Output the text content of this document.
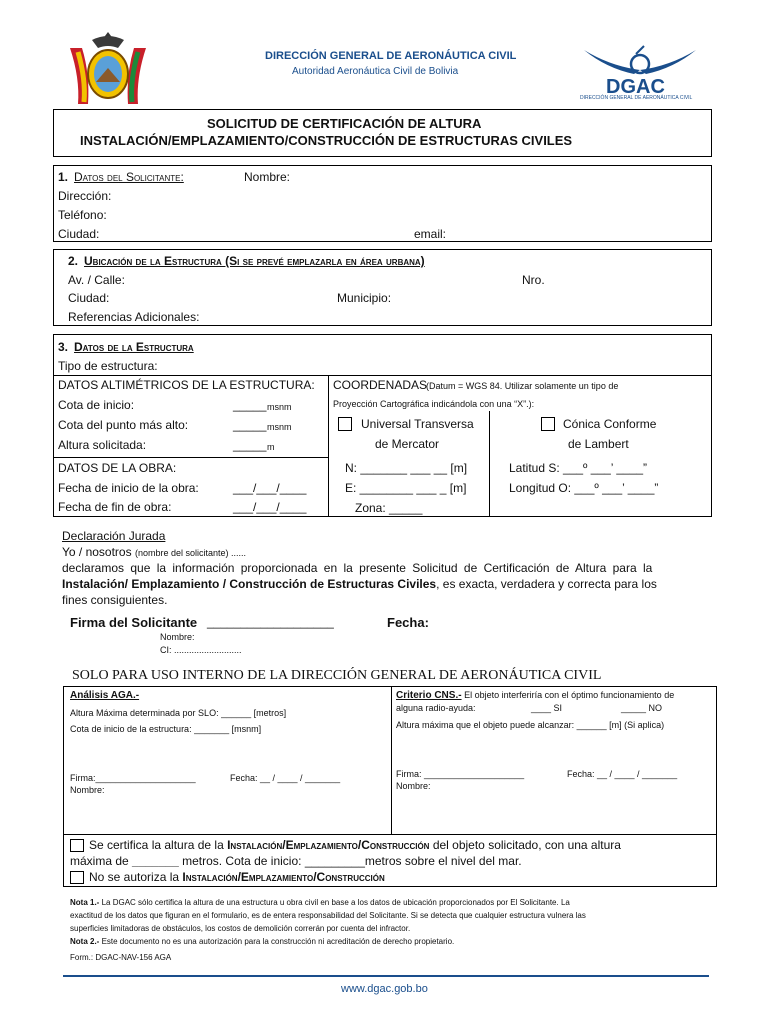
DIRECCIÓN GENERAL DE AERONÁUTICA CIVIL
Autoridad Aeronáutica Civil de Bolivia
DGAC
DIRECCIÓN GENERAL DE AERONÁUTICA CIVIL
SOLICITUD DE CERTIFICACIÓN DE ALTURA
INSTALACIÓN/EMPLAZAMIENTO/CONSTRUCCIÓN DE ESTRUCTURAS CIVILES
1. Datos del Solicitante:	Nombre:
Dirección:
Teléfono:
Ciudad:	email:
2. Ubicación de la Estructura (Si se prevé emplazarla en área urbana)
Av. / Calle:	Nro.
Ciudad:	Municipio:
Referencias Adicionales:
3. Datos de la Estructura
Tipo de estructura:
DATOS ALTIMÉTRICOS DE LA ESTRUCTURA:
Cota de inicio:	_____ msnm
Cota del punto más alto:	_____ msnm
Altura solicitada:	_____ m
DATOS DE LA OBRA:
Fecha de inicio de la obra:	___/___/____
Fecha de fin de obra:	___/___/____
COORDENADAS
(Datum = WGS 84. Utilizar solamente un tipo de
Proyección Cartográfica indicándola con una “X”.):
Universal Transversa
de Mercator
Cónica Conforme
de Lambert
N: _______ ___ __ [m]
E: ________ ___ _ [m]
Zona: _____
Latitud S: ___º ___’ ____”
Longitud O: ___º ___’ ____”
Declaración Jurada
Yo / nosotros (nombre del solicitante) ......
declaramos que la información proporcionada en la presente Solicitud de Certificación de Altura para la
Instalación/ Emplazamiento / Construcción de Estructuras Civiles, es exacta, verdadera y correcta para los
fines consiguientes.
Firma del Solicitante ___________________	Fecha:
Nombre:
CI: ...........................
SOLO PARA USO INTERNO DE LA DIRECCIÓN GENERAL DE AERONÁUTICA CIVIL
Análisis AGA.-
Altura Máxima determinada por SLO: ______ [metros]
Cota de inicio de la estructura: _______ [msnm]
Firma:____________________	Fecha: __ / ____ / _______
Nombre:
Criterio CNS.- El objeto interferiría con el óptimo funcionamiento de
alguna radio-ayuda:	____ SI	_____ NO
Altura máxima que el objeto puede alcanzar: ______ [m] (Si aplica)
Firma: ____________________	Fecha: __ / ____ / _______
Nombre:
Se certifica la altura de la Instalación/Emplazamiento/Construcción del objeto solicitado, con una altura
máxima de _______ metros. Cota de inicio: _________metros sobre el nivel del mar.
No se autoriza la Instalación/Emplazamiento/Construcción
Nota 1.- La DGAC sólo certifica la altura de una estructura u obra civil en base a los datos de ubicación proporcionados por El Solicitante. La
exactitud de los datos que figuran en el formulario, es de entera responsabilidad del Solicitante. Si se detecta que cualquier estructura vulnera las
superficies limitadoras de obstáculos, los costos de demolición correrán por cuenta del infractor.
Nota 2.- Este documento no es una autorización para la construcción ni acreditación de derecho propietario.
Form.: DGAC-NAV-156 AGA
www.dgac.gob.bo
